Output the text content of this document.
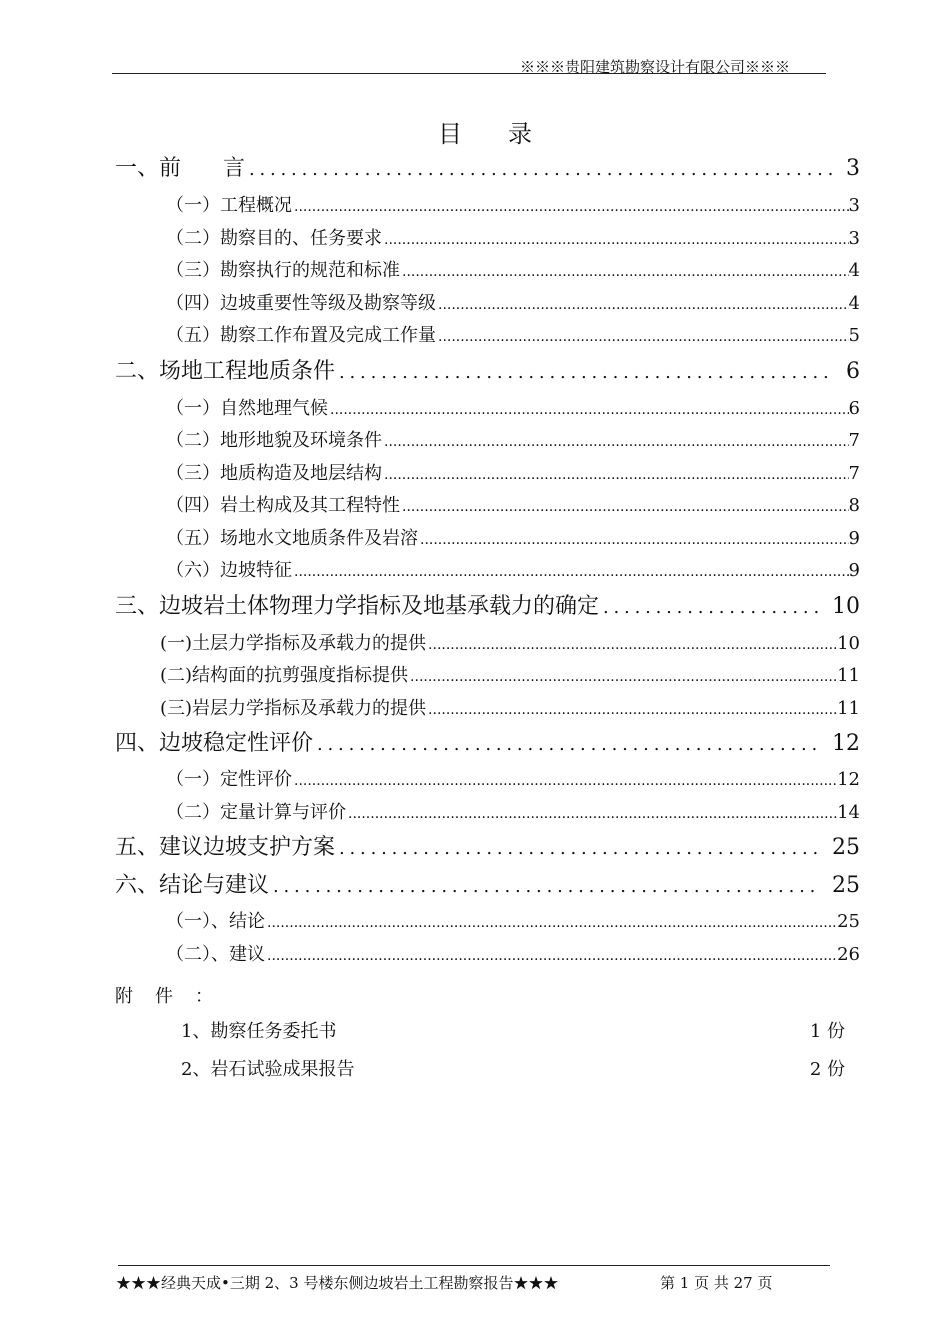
※※※贵阳建筑勘察设计有限公司※※※
目录
一、前      言 .....	3
（一）工程概况 .....	3
（二）勘察目的、任务要求 .....	3
（三）勘察执行的规范和标准 .....	4
（四）边坡重要性等级及勘察等级 .....	4
（五）勘察工作布置及完成工作量 .....	5
二、场地工程地质条件 .....	6
（一）自然地理气候 .....	6
（二）地形地貌及环境条件 .....	7
（三）地质构造及地层结构 .....	7
（四）岩土构成及其工程特性 .....	8
（五）场地水文地质条件及岩溶 .....	9
（六）边坡特征 .....	9
三、边坡岩土体物理力学指标及地基承载力的确定 .....	10
(一)土层力学指标及承载力的提供 .....	10
(二)结构面的抗剪强度指标提供 .....	11
(三)岩层力学指标及承载力的提供 .....	11
四、边坡稳定性评价 .....	12
（一）定性评价 .....	12
（二）定量计算与评价 .....	14
五、建议边坡支护方案 .....	25
六、结论与建议 .....	25
（一）、结论 .....	25
（二）、建议 .....	26
附件：
1、勘察任务委托书	1 份
2、岩石试验成果报告	2 份
★★★经典天成•三期 2、3 号楼东侧边坡岩土工程勘察报告★★★	第 1 页 共 27 页
